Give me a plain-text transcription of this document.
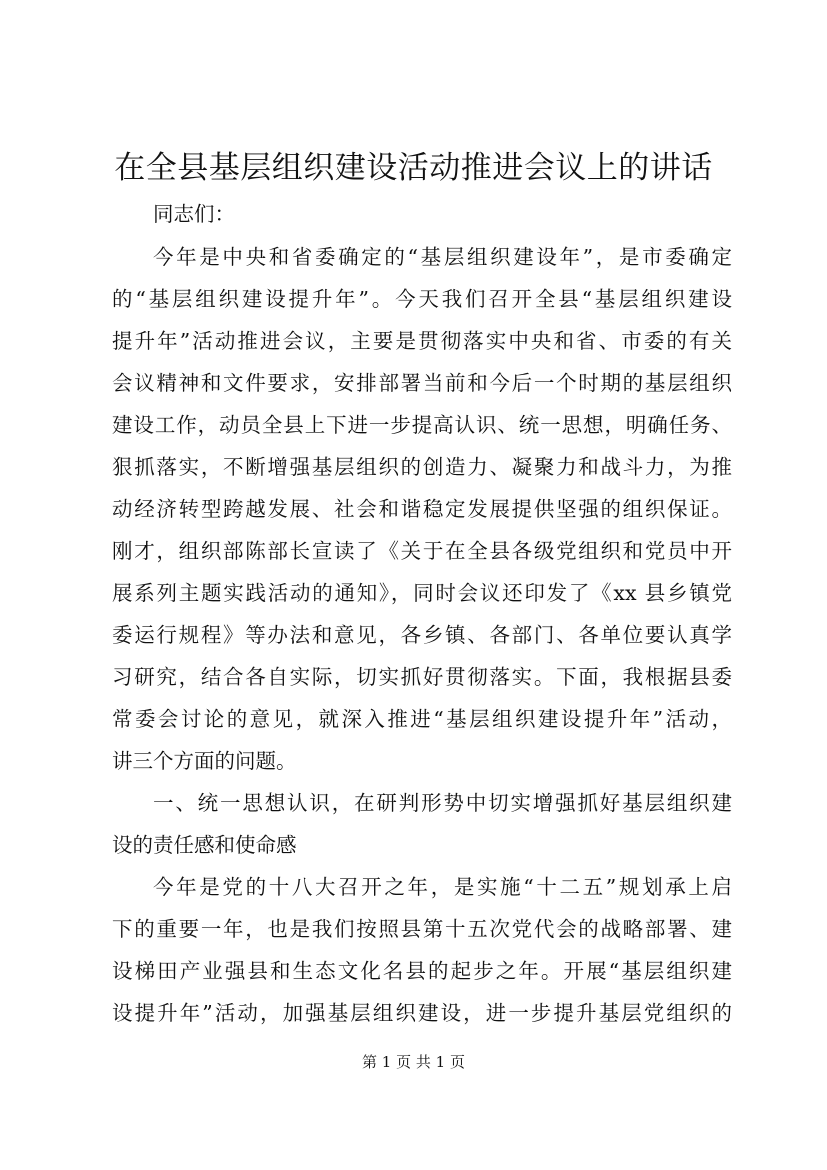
在全县基层组织建设活动推进会议上的讲话
同志们：
今年是中央和省委确定的“基层组织建设年”，是市委确定
的“基层组织建设提升年”。今天我们召开全县“基层组织建设
提升年”活动推进会议，主要是贯彻落实中央和省、市委的有关
会议精神和文件要求，安排部署当前和今后一个时期的基层组织
建设工作，动员全县上下进一步提高认识、统一思想，明确任务、
狠抓落实，不断增强基层组织的创造力、凝聚力和战斗力，为推
动经济转型跨越发展、社会和谐稳定发展提供坚强的组织保证。
刚才，组织部陈部长宣读了《关于在全县各级党组织和党员中开
展系列主题实践活动的通知》，同时会议还印发了《xx 县乡镇党
委运行规程》等办法和意见，各乡镇、各部门、各单位要认真学
习研究，结合各自实际，切实抓好贯彻落实。下面，我根据县委
常委会讨论的意见，就深入推进“基层组织建设提升年”活动，
讲三个方面的问题。
一、统一思想认识，在研判形势中切实增强抓好基层组织建
设的责任感和使命感
今年是党的十八大召开之年，是实施“十二五”规划承上启
下的重要一年，也是我们按照县第十五次党代会的战略部署、建
设梯田产业强县和生态文化名县的起步之年。开展“基层组织建
设提升年”活动，加强基层组织建设，进一步提升基层党组织的
第 1 页 共 1 页
